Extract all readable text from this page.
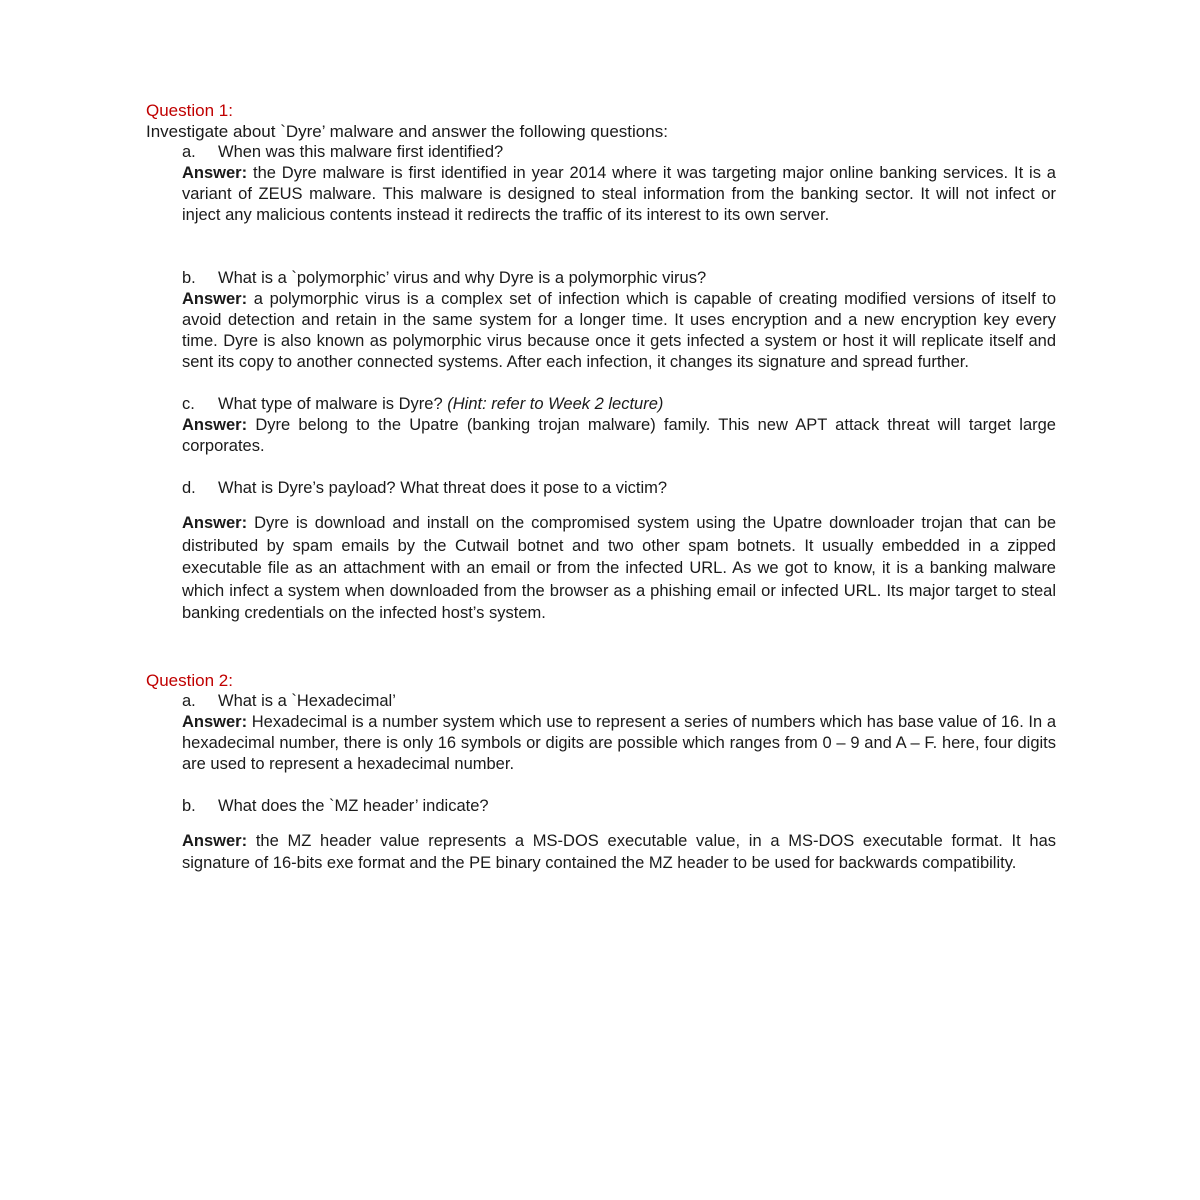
Question 1:

Investigate about `Dyre’ malware and answer the following questions:

a. When was this malware first identified?

Answer: the Dyre malware is first identified in year 2014 where it was targeting major online banking services. It is a variant of ZEUS malware. This malware is designed to steal information from the banking sector. It will not infect or inject any malicious contents instead it redirects the traffic of its interest to its own server.

b. What is a `polymorphic’ virus and why Dyre is a polymorphic virus?

Answer: a polymorphic virus is a complex set of infection which is capable of creating modified versions of itself to avoid detection and retain in the same system for a longer time. It uses encryption and a new encryption key every time. Dyre is also known as polymorphic virus because once it gets infected a system or host it will replicate itself and sent its copy to another connected systems. After each infection, it changes its signature and spread further.

c. What type of malware is Dyre? (Hint: refer to Week 2 lecture)

Answer: Dyre belong to the Upatre (banking trojan malware) family. This new APT attack threat will target large corporates.

d. What is Dyre’s payload? What threat does it pose to a victim?

Answer: Dyre is download and install on the compromised system using the Upatre downloader trojan that can be distributed by spam emails by the Cutwail botnet and two other spam botnets. It usually embedded in a zipped executable file as an attachment with an email or from the infected URL. As we got to know, it is a banking malware which infect a system when downloaded from the browser as a phishing email or infected URL. Its major target to steal banking credentials on the infected host’s system.

Question 2:

a. What is a `Hexadecimal’

Answer: Hexadecimal is a number system which use to represent a series of numbers which has base value of 16. In a hexadecimal number, there is only 16 symbols or digits are possible which ranges from 0 – 9 and A – F. here, four digits are used to represent a hexadecimal number.

b. What does the `MZ header’ indicate?

Answer: the MZ header value represents a MS-DOS executable value, in a MS-DOS executable format. It has signature of 16-bits exe format and the PE binary contained the MZ header to be used for backwards compatibility.
